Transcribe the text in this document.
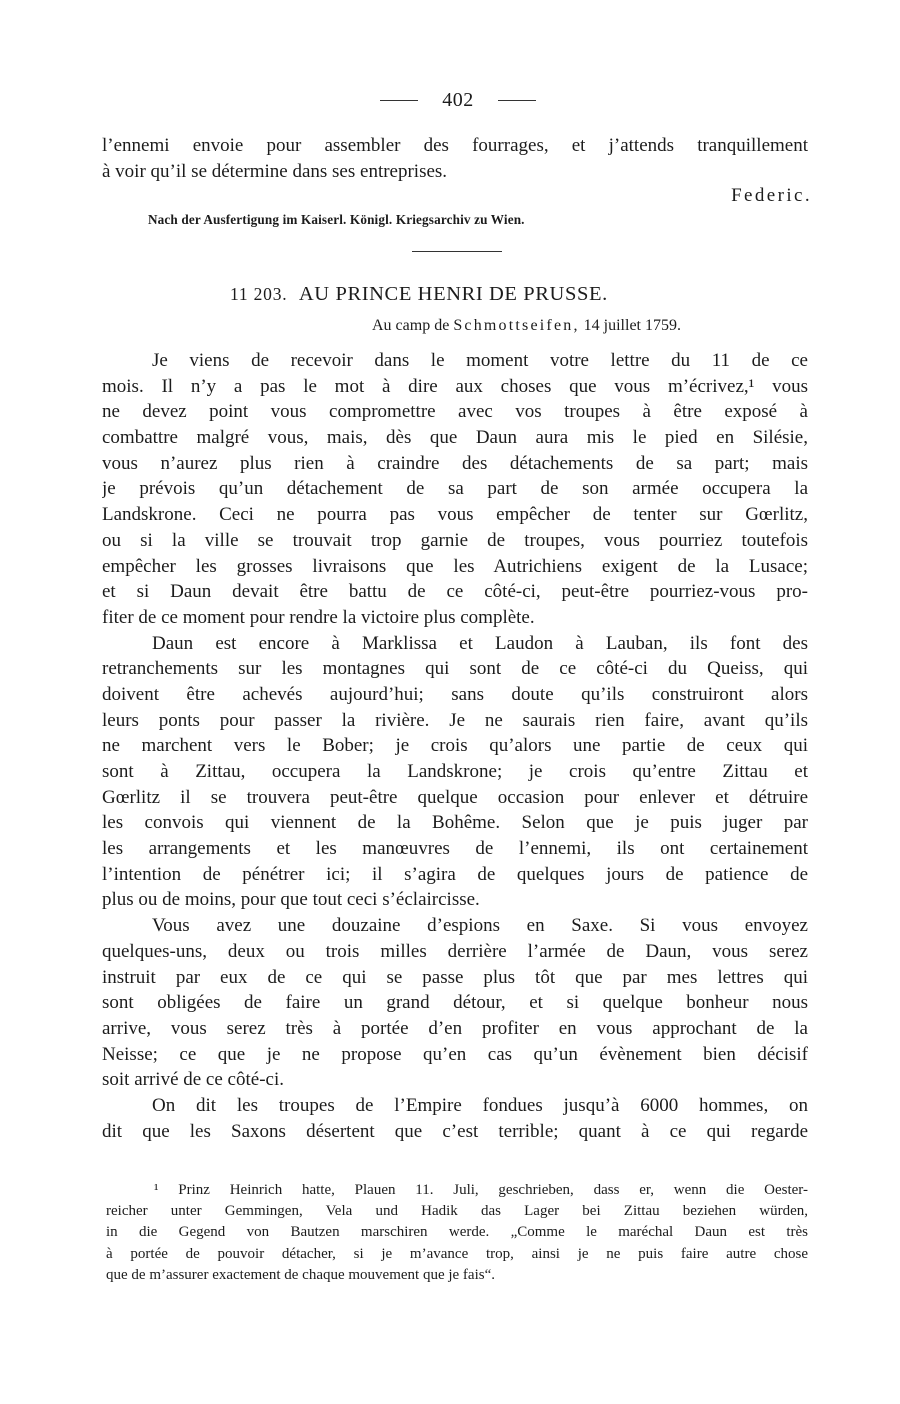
402
l’ennemi envoie pour assembler des fourrages, et j’attends tranquillement
à voir qu’il se détermine dans ses entreprises.
Federic.
Nach der Ausfertigung im Kaiserl. Königl. Kriegsarchiv zu Wien.
11 203. AU PRINCE HENRI DE PRUSSE.
Au camp de Schmottseifen, 14 juillet 1759.
Je viens de recevoir dans le moment votre lettre du 11 de ce
mois. Il n’y a pas le mot à dire aux choses que vous m’écrivez,¹ vous
ne devez point vous compromettre avec vos troupes à être exposé à
combattre malgré vous, mais, dès que Daun aura mis le pied en Silésie,
vous n’aurez plus rien à craindre des détachements de sa part; mais
je prévois qu’un détachement de sa part de son armée occupera la
Landskrone. Ceci ne pourra pas vous empêcher de tenter sur Gœrlitz,
ou si la ville se trouvait trop garnie de troupes, vous pourriez toutefois
empêcher les grosses livraisons que les Autrichiens exigent de la Lusace;
et si Daun devait être battu de ce côté-ci, peut-être pourriez-vous pro-
fiter de ce moment pour rendre la victoire plus complète.
Daun est encore à Marklissa et Laudon à Lauban, ils font des
retranchements sur les montagnes qui sont de ce côté-ci du Queiss, qui
doivent être achevés aujourd’hui; sans doute qu’ils construiront alors
leurs ponts pour passer la rivière. Je ne saurais rien faire, avant qu’ils
ne marchent vers le Bober; je crois qu’alors une partie de ceux qui
sont à Zittau, occupera la Landskrone; je crois qu’entre Zittau et
Gœrlitz il se trouvera peut-être quelque occasion pour enlever et détruire
les convois qui viennent de la Bohême. Selon que je puis juger par
les arrangements et les manœuvres de l’ennemi, ils ont certainement
l’intention de pénétrer ici; il s’agira de quelques jours de patience de
plus ou de moins, pour que tout ceci s’éclaircisse.
Vous avez une douzaine d’espions en Saxe. Si vous envoyez
quelques-uns, deux ou trois milles derrière l’armée de Daun, vous serez
instruit par eux de ce qui se passe plus tôt que par mes lettres qui
sont obligées de faire un grand détour, et si quelque bonheur nous
arrive, vous serez très à portée d’en profiter en vous approchant de la
Neisse; ce que je ne propose qu’en cas qu’un évènement bien décisif
soit arrivé de ce côté-ci.
On dit les troupes de l’Empire fondues jusqu’à 6000 hommes, on
dit que les Saxons désertent que c’est terrible; quant à ce qui regarde
¹ Prinz Heinrich hatte, Plauen 11. Juli, geschrieben, dass er, wenn die Oester-
reicher unter Gemmingen, Vela und Hadik das Lager bei Zittau beziehen würden,
in die Gegend von Bautzen marschiren werde. „Comme le maréchal Daun est très
à portée de pouvoir détacher, si je m’avance trop, ainsi je ne puis faire autre chose
que de m’assurer exactement de chaque mouvement que je fais“.
